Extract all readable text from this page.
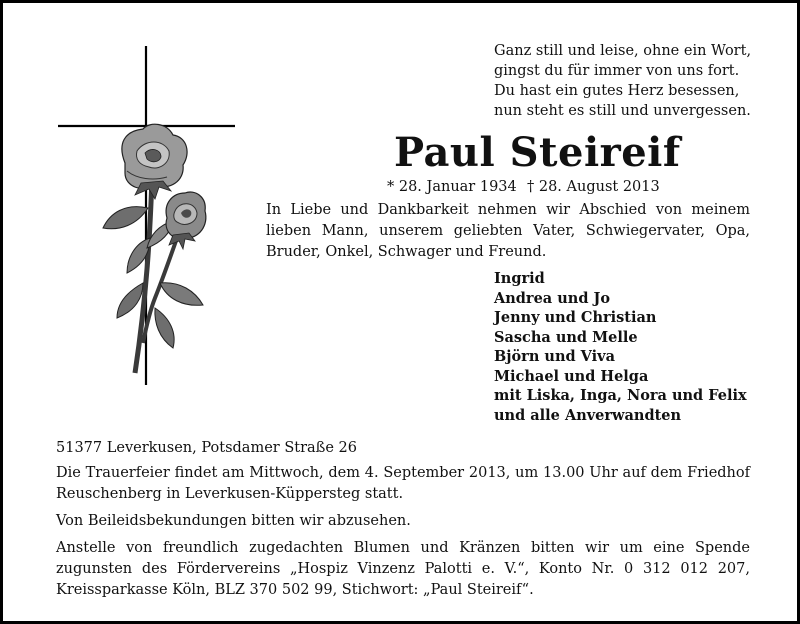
Ganz still und leise, ohne ein Wort,
gingst du für immer von uns fort.
Du hast ein gutes Herz besessen,
nun steht es still und unvergessen.
Paul Steireif
* 28. Januar 1934 † 28. August 2013
In Liebe und Dankbarkeit nehmen wir Abschied von meinem lieben Mann, unserem geliebten Vater, Schwiegervater, Opa, Bruder, Onkel, Schwager und Freund.
Ingrid
Andrea und Jo
Jenny und Christian
Sascha und Melle
Björn und Viva
Michael und Helga
mit Liska, Inga, Nora und Felix
und alle Anverwandten

51377 Leverkusen, Potsdamer Straße 26

Die Trauerfeier findet am Mittwoch, dem 4. September 2013, um 13.00 Uhr auf dem Friedhof Reuschenberg in Leverkusen-Küppersteg statt.

Von Beileidsbekundungen bitten wir abzusehen.

Anstelle von freundlich zugedachten Blumen und Kränzen bitten wir um eine Spende zugunsten des Fördervereins „Hospiz Vinzenz Palotti e. V.“, Konto Nr. 0 312 012 207, Kreissparkasse Köln, BLZ 370 502 99, Stichwort: „Paul Steireif“.
